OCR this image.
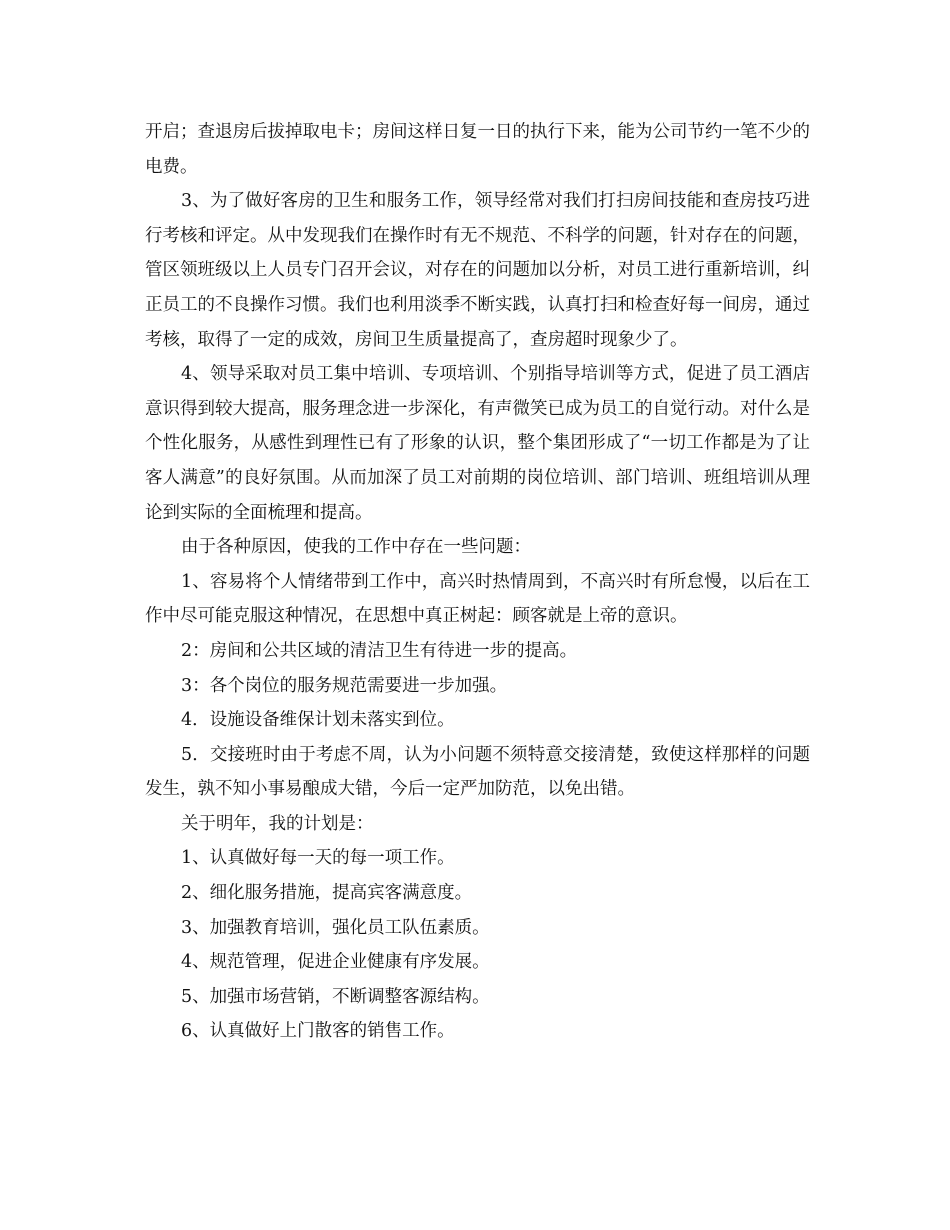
开启；查退房后拔掉取电卡；房间这样日复一日的执行下来，能为公司节约一笔不少的电费。

3、为了做好客房的卫生和服务工作，领导经常对我们打扫房间技能和查房技巧进行考核和评定。从中发现我们在操作时有无不规范、不科学的问题，针对存在的问题，管区领班级以上人员专门召开会议，对存在的问题加以分析，对员工进行重新培训，纠正员工的不良操作习惯。我们也利用淡季不断实践，认真打扫和检查好每一间房，通过考核，取得了一定的成效，房间卫生质量提高了，查房超时现象少了。

4、领导采取对员工集中培训、专项培训、个别指导培训等方式，促进了员工酒店意识得到较大提高，服务理念进一步深化，有声微笑已成为员工的自觉行动。对什么是个性化服务，从感性到理性已有了形象的认识，整个集团形成了“一切工作都是为了让客人满意”的良好氛围。从而加深了员工对前期的岗位培训、部门培训、班组培训从理论到实际的全面梳理和提高。

由于各种原因，使我的工作中存在一些问题：

1、容易将个人情绪带到工作中，高兴时热情周到，不高兴时有所怠慢，以后在工作中尽可能克服这种情况，在思想中真正树起：顾客就是上帝的意识。

2：房间和公共区域的清洁卫生有待进一步的提高。

3：各个岗位的服务规范需要进一步加强。

4．设施设备维保计划未落实到位。

5．交接班时由于考虑不周，认为小问题不须特意交接清楚，致使这样那样的问题发生，孰不知小事易酿成大错，今后一定严加防范，以免出错。

关于明年，我的计划是：

1、认真做好每一天的每一项工作。

2、细化服务措施，提高宾客满意度。

3、加强教育培训，强化员工队伍素质。

4、规范管理，促进企业健康有序发展。

5、加强市场营销，不断调整客源结构。

6、认真做好上门散客的销售工作。
